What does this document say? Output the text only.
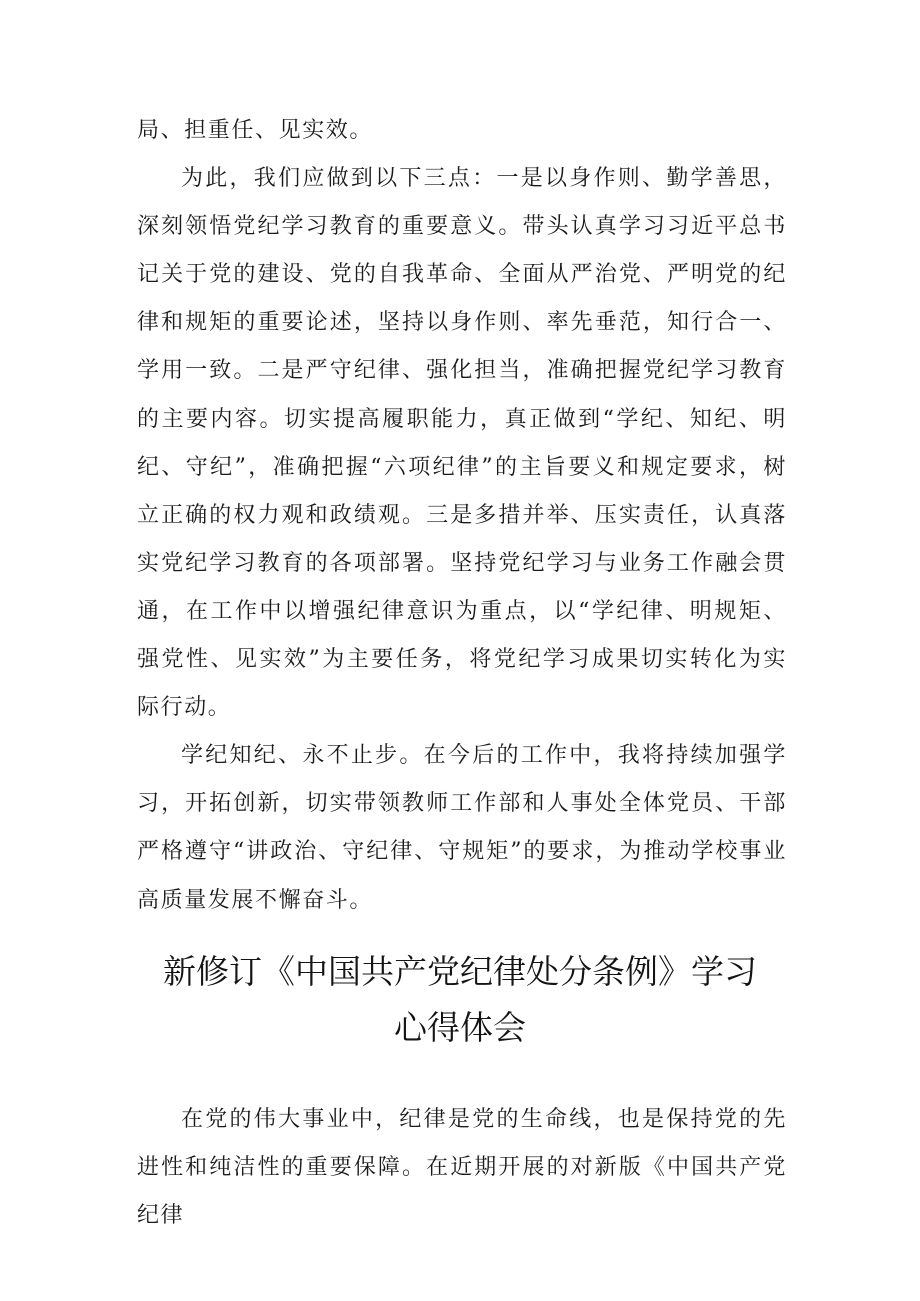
局、担重任、见实效。

为此，我们应做到以下三点：一是以身作则、勤学善思，深刻领悟党纪学习教育的重要意义。带头认真学习习近平总书记关于党的建设、党的自我革命、全面从严治党、严明党的纪律和规矩的重要论述，坚持以身作则、率先垂范，知行合一、学用一致。二是严守纪律、强化担当，准确把握党纪学习教育的主要内容。切实提高履职能力，真正做到“学纪、知纪、明纪、守纪”，准确把握“六项纪律”的主旨要义和规定要求，树立正确的权力观和政绩观。三是多措并举、压实责任，认真落实党纪学习教育的各项部署。坚持党纪学习与业务工作融会贯通，在工作中以增强纪律意识为重点，以“学纪律、明规矩、强党性、见实效”为主要任务，将党纪学习成果切实转化为实际行动。

学纪知纪、永不止步。在今后的工作中，我将持续加强学习，开拓创新，切实带领教师工作部和人事处全体党员、干部严格遵守“讲政治、守纪律、守规矩”的要求，为推动学校事业高质量发展不懈奋斗。

新修订《中国共产党纪律处分条例》学习
心得体会

在党的伟大事业中，纪律是党的生命线，也是保持党的先进性和纯洁性的重要保障。在近期开展的对新版《中国共产党纪律
